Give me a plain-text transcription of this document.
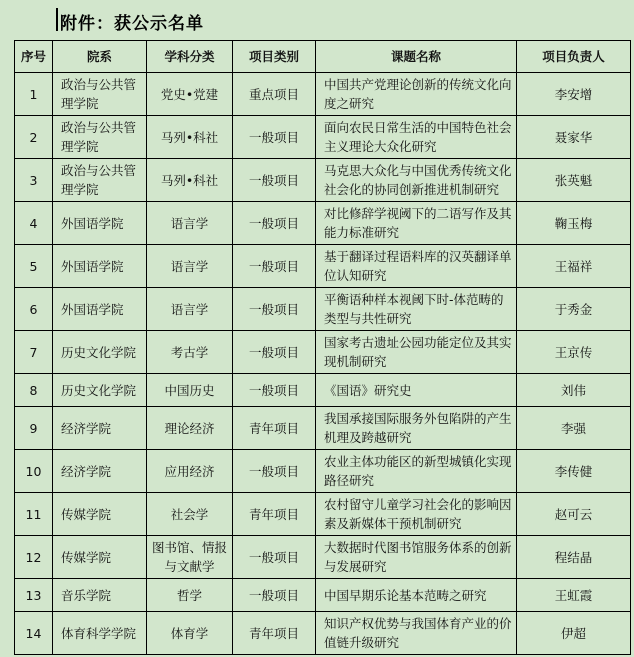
附件：获公示名单
序号	院系	学科分类	项目类别	课题名称	项目负责人
1	政治与公共管理学院	党史•党建	重点项目	中国共产党理论创新的传统文化向度之研究	李安增
2	政治与公共管理学院	马列•科社	一般项目	面向农民日常生活的中国特色社会主义理论大众化研究	聂家华
3	政治与公共管理学院	马列•科社	一般项目	马克思大众化与中国优秀传统文化社会化的协同创新推进机制研究	张英魁
4	外国语学院	语言学	一般项目	对比修辞学视阈下的二语写作及其能力标准研究	鞠玉梅
5	外国语学院	语言学	一般项目	基于翻译过程语料库的汉英翻译单位认知研究	王福祥
6	外国语学院	语言学	一般项目	平衡语种样本视阈下时-体范畴的类型与共性研究	于秀金
7	历史文化学院	考古学	一般项目	国家考古遗址公园功能定位及其实现机制研究	王京传
8	历史文化学院	中国历史	一般项目	《国语》研究史	刘伟
9	经济学院	理论经济	青年项目	我国承接国际服务外包陷阱的产生机理及跨越研究	李强
10	经济学院	应用经济	一般项目	农业主体功能区的新型城镇化实现路径研究	李传健
11	传媒学院	社会学	青年项目	农村留守儿童学习社会化的影响因素及新媒体干预机制研究	赵可云
12	传媒学院	图书馆、情报与文献学	一般项目	大数据时代图书馆服务体系的创新与发展研究	程结晶
13	音乐学院	哲学	一般项目	中国早期乐论基本范畴之研究	王虹霞
14	体育科学学院	体育学	青年项目	知识产权优势与我国体育产业的价值链升级研究	伊超
